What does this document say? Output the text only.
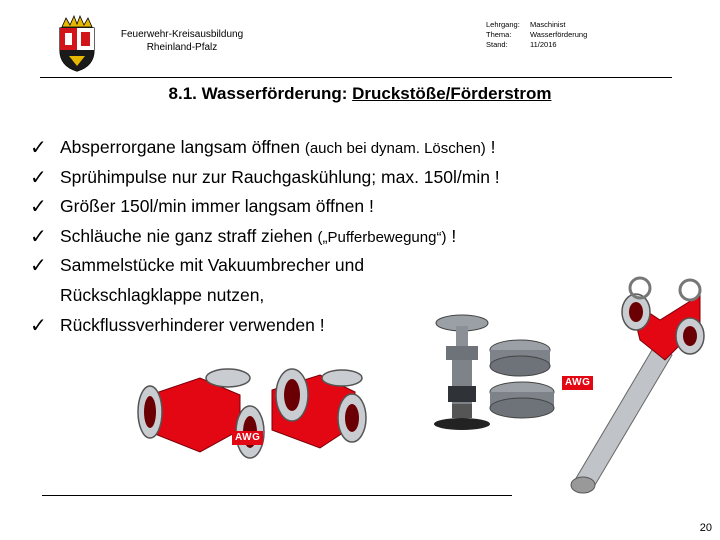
Feuerwehr-Kreisausbildung
Rheinland-Pfalz
Lehrgang:	Maschinist
Thema:	Wasserförderung
Stand:	11/2016
8.1. Wasserförderung: Druckstöße/Förderstrom
✓ Absperrorgane langsam öffnen (auch bei dynam. Löschen) !
✓ Sprühimpulse nur zur Rauchgaskühlung; max. 150l/min !
✓ Größer 150l/min immer langsam öffnen !
✓ Schläuche nie ganz straff ziehen („Pufferbewegung“) !
✓ Sammelstücke mit Vakuumbrecher und
Rückschlagklappe nutzen,
✓ Rückflussverhinderer verwenden !
AWG
AWG
20
